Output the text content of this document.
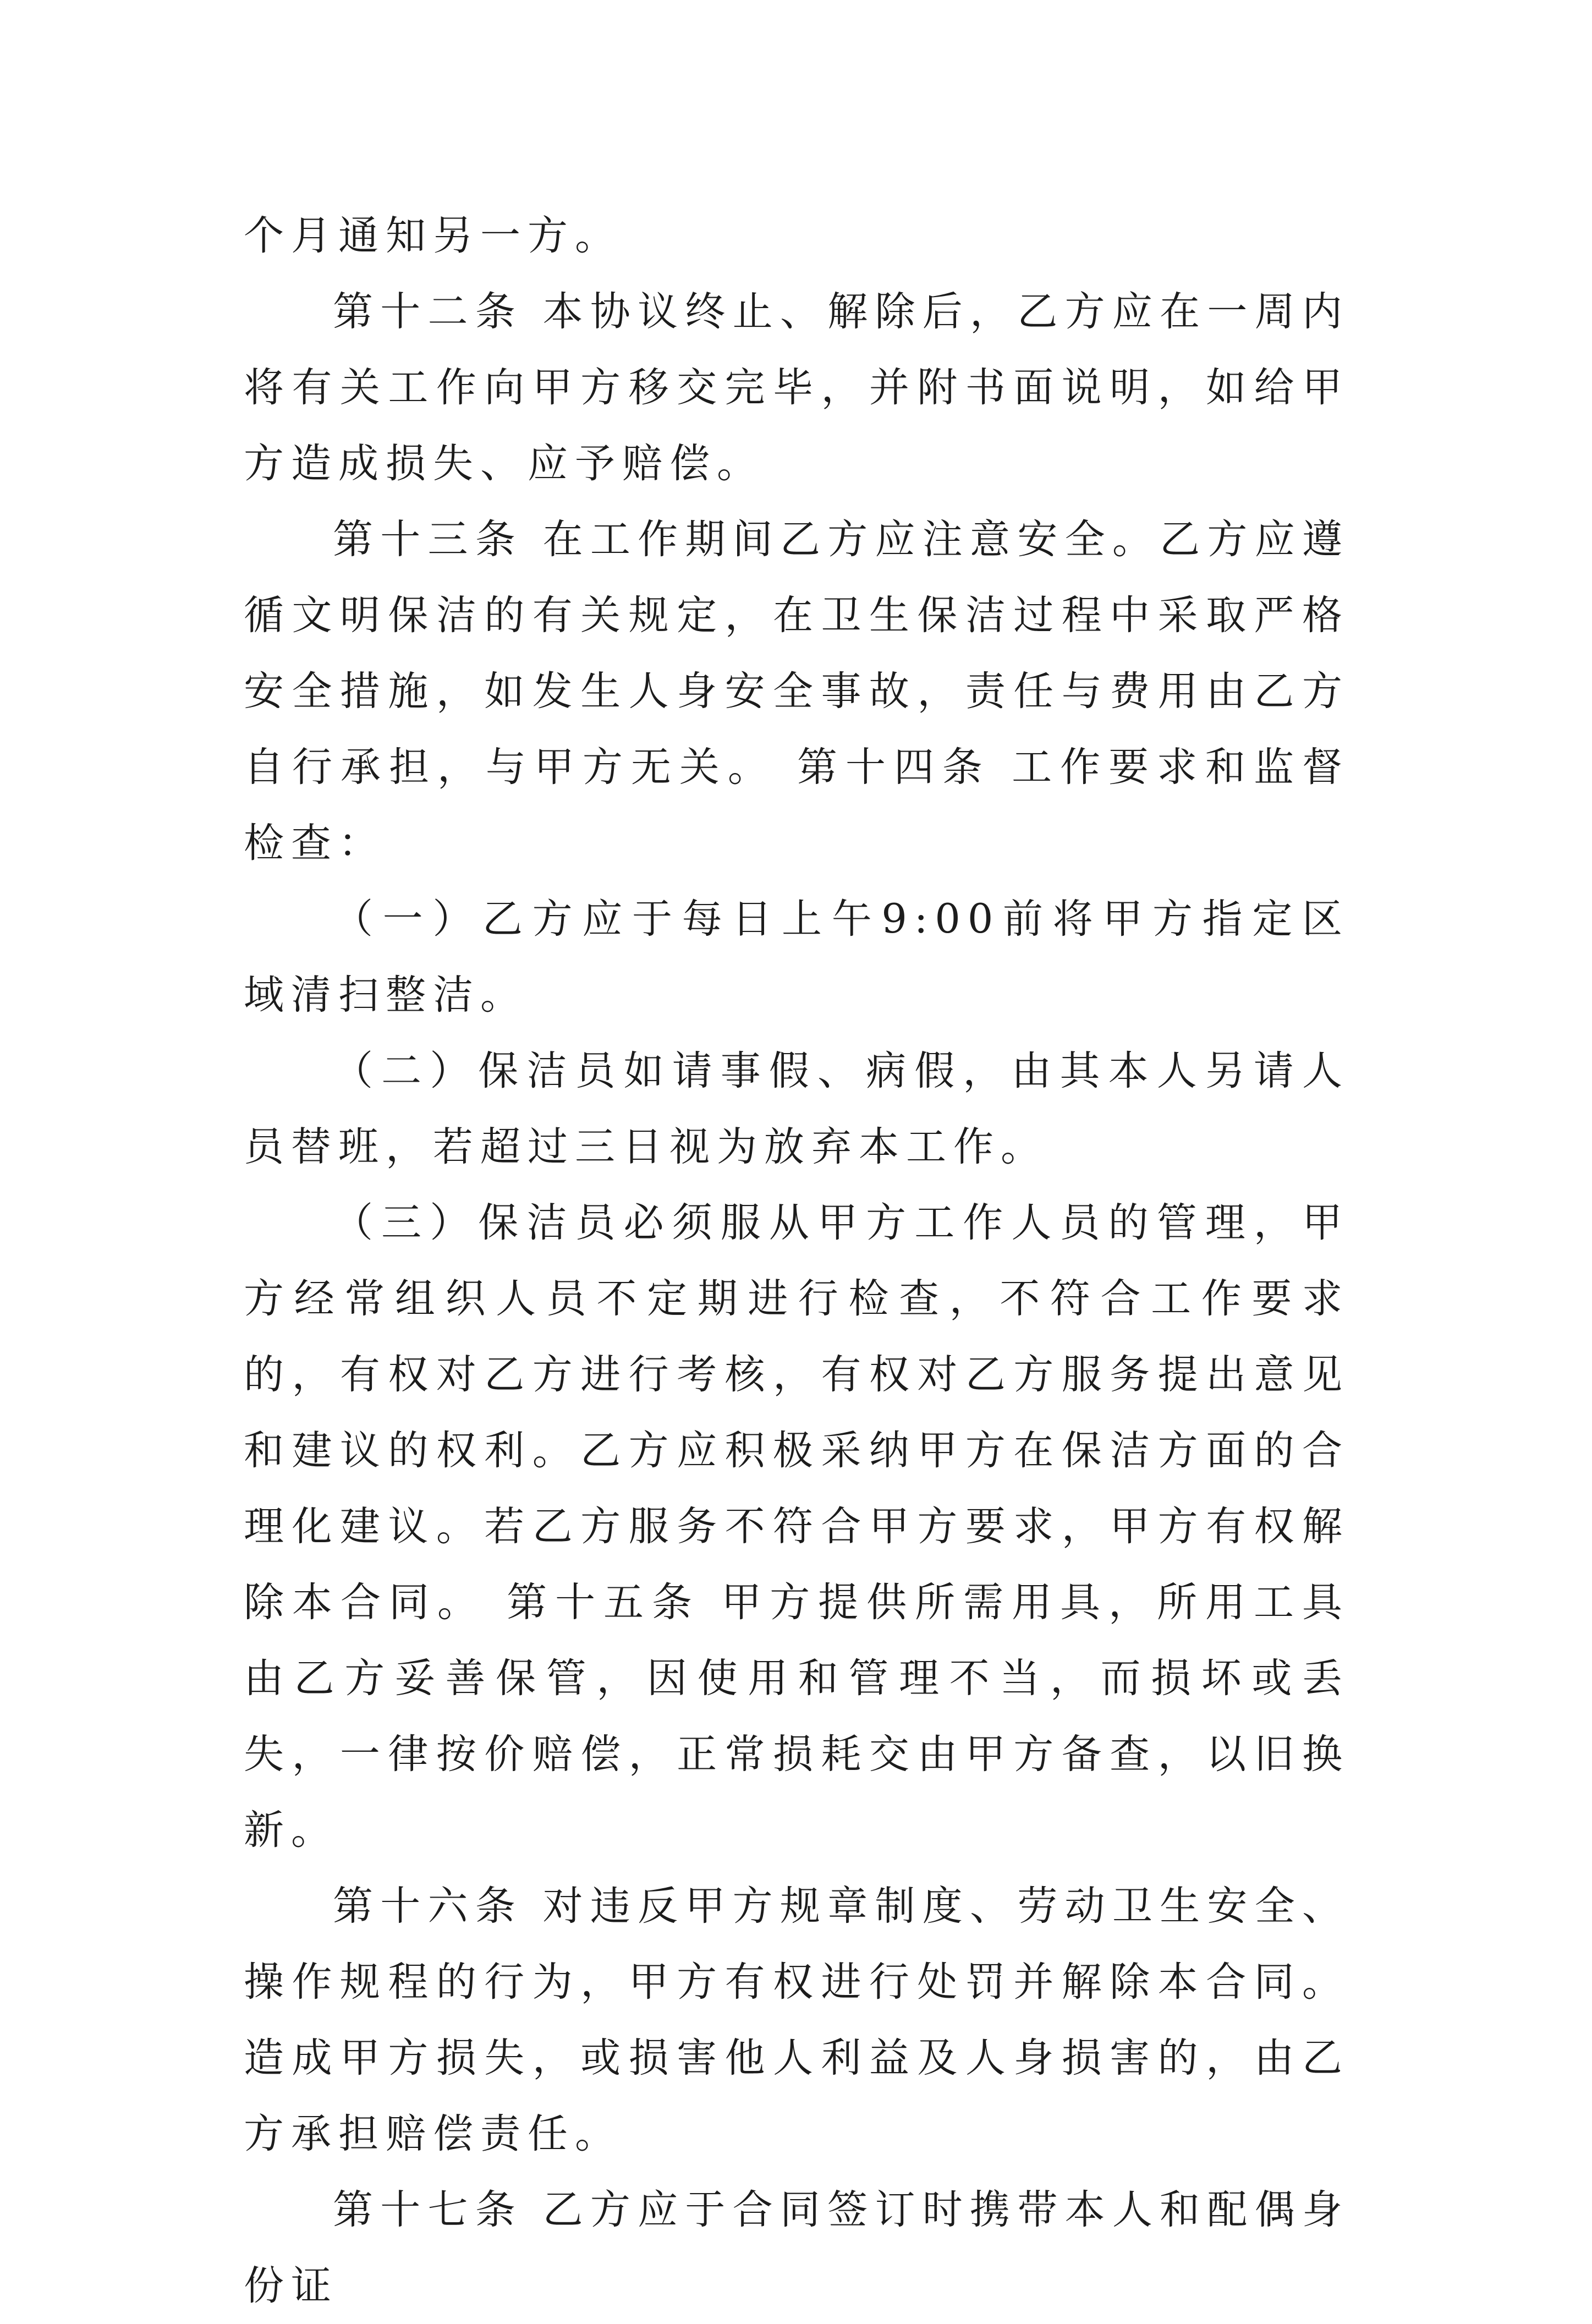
个月通知另一方。

第十二条 本协议终止、解除后，乙方应在一周内将有关工作向甲方移交完毕，并附书面说明，如给甲方造成损失、应予赔偿。

第十三条 在工作期间乙方应注意安全。乙方应遵循文明保洁的有关规定，在卫生保洁过程中采取严格安全措施，如发生人身安全事故，责任与费用由乙方自行承担，与甲方无关。 第十四条 工作要求和监督检查：

（一）乙方应于每日上午9:00前将甲方指定区域清扫整洁。

（二）保洁员如请事假、病假，由其本人另请人员替班，若超过三日视为放弃本工作。

（三）保洁员必须服从甲方工作人员的管理，甲方经常组织人员不定期进行检查，不符合工作要求的，有权对乙方进行考核，有权对乙方服务提出意见和建议的权利。乙方应积极采纳甲方在保洁方面的合理化建议。若乙方服务不符合甲方要求，甲方有权解除本合同。 第十五条 甲方提供所需用具，所用工具由乙方妥善保管，因使用和管理不当，而损坏或丢失，一律按价赔偿，正常损耗交由甲方备查，以旧换新。

第十六条 对违反甲方规章制度、劳动卫生安全、操作规程的行为，甲方有权进行处罚并解除本合同。造成甲方损失，或损害他人利益及人身损害的，由乙方承担赔偿责任。

第十七条 乙方应于合同签订时携带本人和配偶身份证
